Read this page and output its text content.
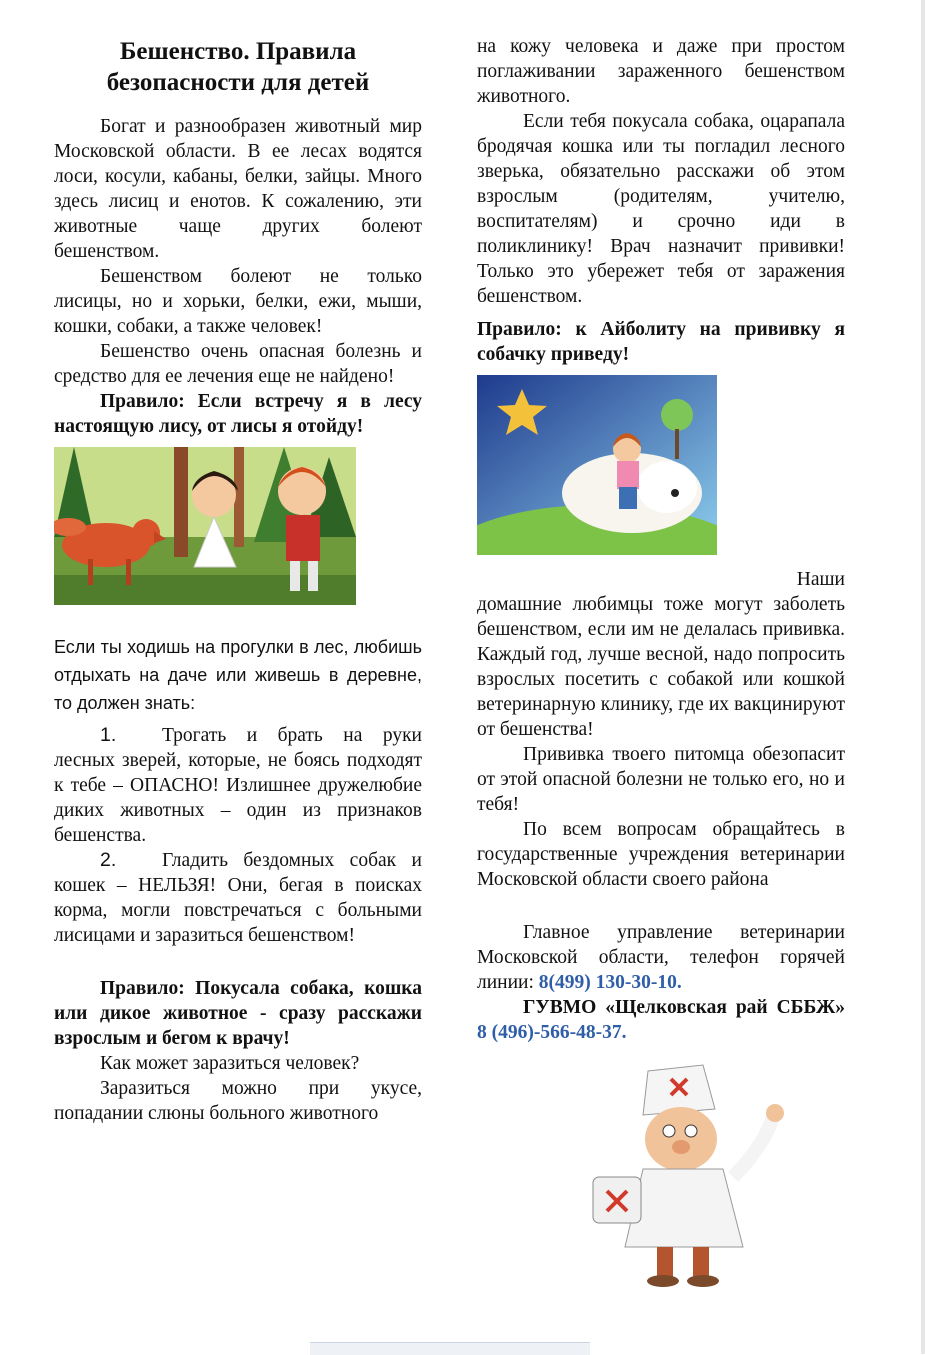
Бешенство. Правила
безопасности для детей

Богат и разнообразен животный мир Московской области. В ее лесах водятся лоси, косули, кабаны, белки, зайцы. Много здесь лисиц и енотов. К сожалению, эти животные чаще других болеют бешенством.

Бешенством болеют не только лисицы, но и хорьки, белки, ежи, мыши, кошки, собаки, а также человек!

Бешенство очень опасная болезнь и средство для ее лечения еще не найдено!

Правило: Если встречу я в лесу настоящую лису, от лисы я отойду!

Если ты ходишь на прогулки в лес, любишь отдыхать на даче или живешь в деревне, то должен знать:

1. Трогать и брать на руки лесных зверей, которые, не боясь подходят к тебе – ОПАСНО! Излишнее дружелюбие диких животных – один из признаков бешенства.

2. Гладить бездомных собак и кошек – НЕЛЬЗЯ! Они, бегая в поисках корма, могли повстречаться с больными лисицами и заразиться бешенством!

Правило: Покусала собака, кошка или дикое животное - сразу расскажи взрослым и бегом к врачу!

Как может заразиться человек?

Заразиться можно при укусе, попадании слюны больного животного

на кожу человека и даже при простом поглаживании зараженного бешенством животного.

Если тебя покусала собака, оцарапала бродячая кошка или ты погладил лесного зверька, обязательно расскажи об этом взрослым (родителям, учителю, воспитателям) и срочно иди в поликлинику! Врач назначит прививки! Только это убережет тебя от заражения бешенством.

Правило: к Айболиту на прививку я собачку приведу!

Наши

домашние любимцы тоже могут заболеть бешенством, если им не делалась прививка. Каждый год, лучше весной, надо попросить взрослых посетить с собакой или кошкой ветеринарную клинику, где их вакцинируют от бешенства!

Прививка твоего питомца обезопасит от этой опасной болезни не только его, но и тебя!

По всем вопросам обращайтесь в государственные учреждения ветеринарии Московской области своего района

Главное управление ветеринарии Московской области, телефон горячей линии: 8(499) 130-30-10.

ГУВМО «Щелковская рай СББЖ» 8 (496)-566-48-37.
